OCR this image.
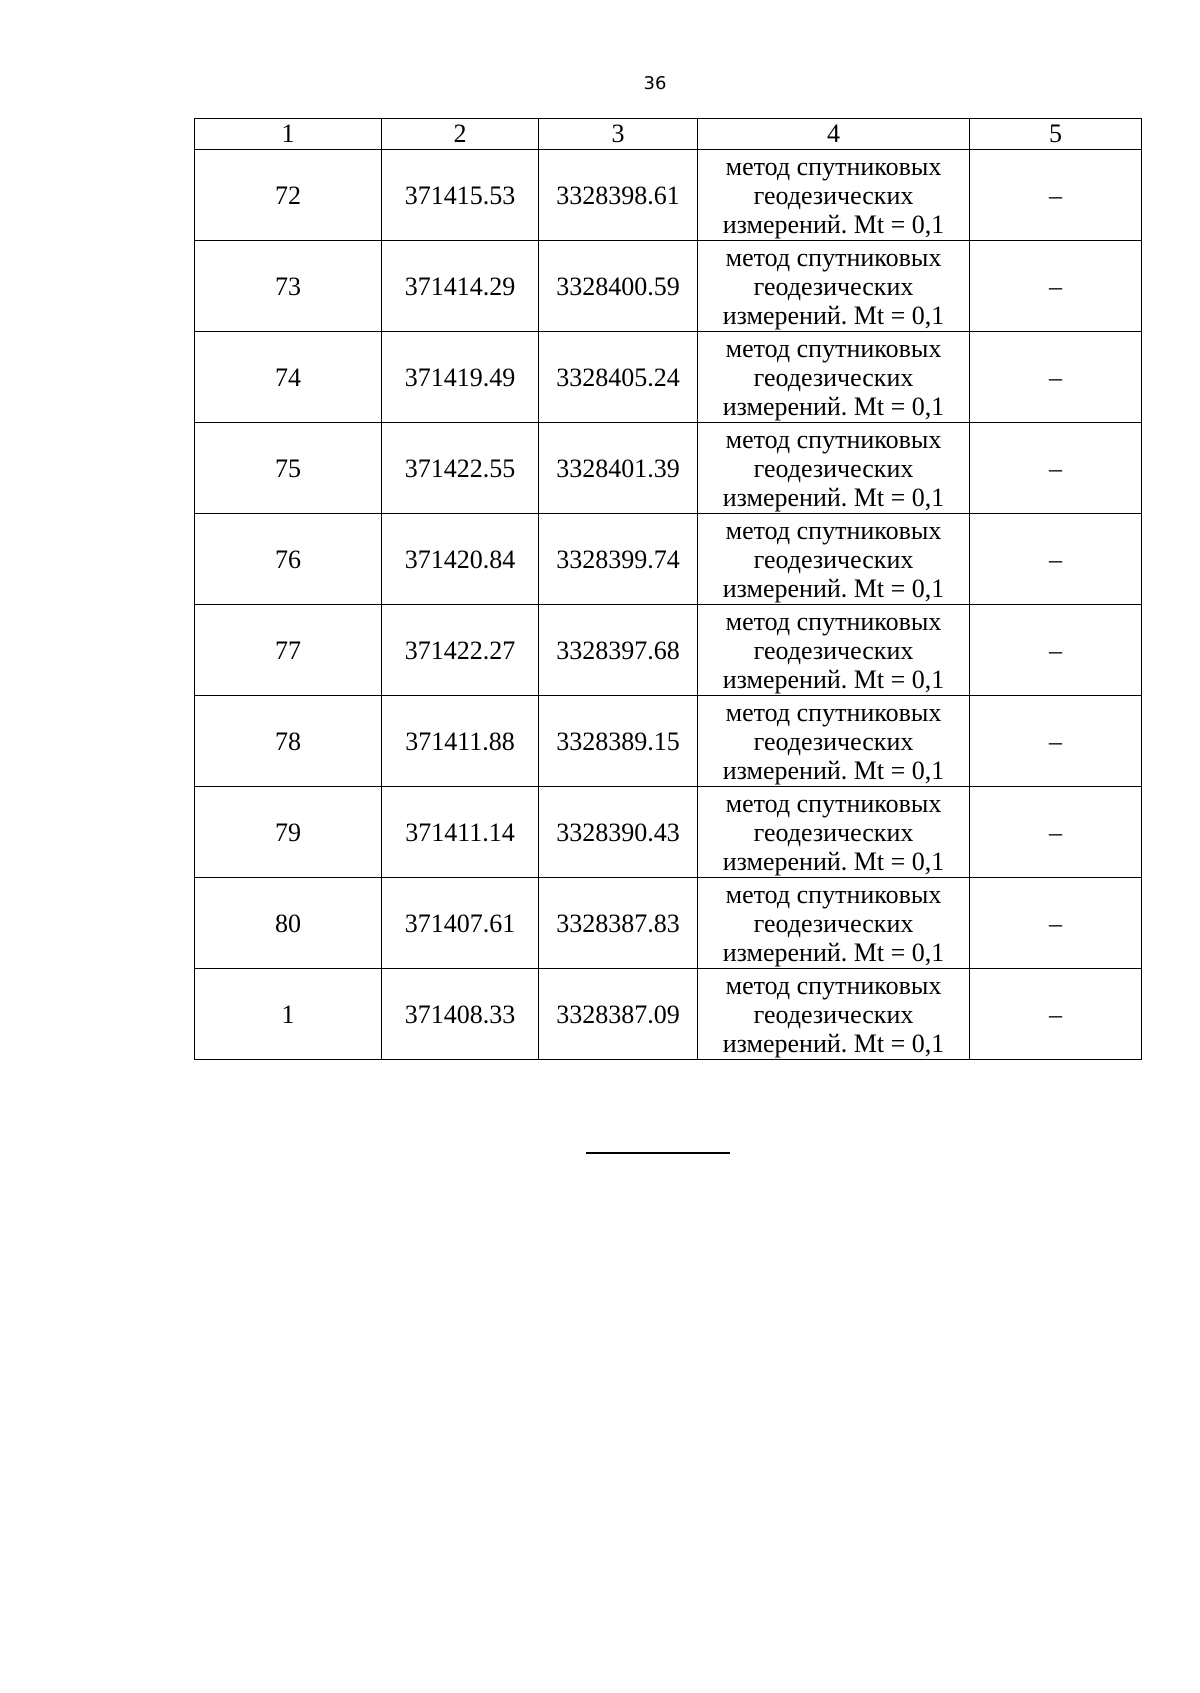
36
1	2	3	4	5
72	371415.53	3328398.61	метод спутниковых
геодезических
измерений. Mt = 0,1	–
73	371414.29	3328400.59	метод спутниковых
геодезических
измерений. Mt = 0,1	–
74	371419.49	3328405.24	метод спутниковых
геодезических
измерений. Mt = 0,1	–
75	371422.55	3328401.39	метод спутниковых
геодезических
измерений. Mt = 0,1	–
76	371420.84	3328399.74	метод спутниковых
геодезических
измерений. Mt = 0,1	–
77	371422.27	3328397.68	метод спутниковых
геодезических
измерений. Mt = 0,1	–
78	371411.88	3328389.15	метод спутниковых
геодезических
измерений. Mt = 0,1	–
79	371411.14	3328390.43	метод спутниковых
геодезических
измерений. Mt = 0,1	–
80	371407.61	3328387.83	метод спутниковых
геодезических
измерений. Mt = 0,1	–
1	371408.33	3328387.09	метод спутниковых
геодезических
измерений. Mt = 0,1	–
